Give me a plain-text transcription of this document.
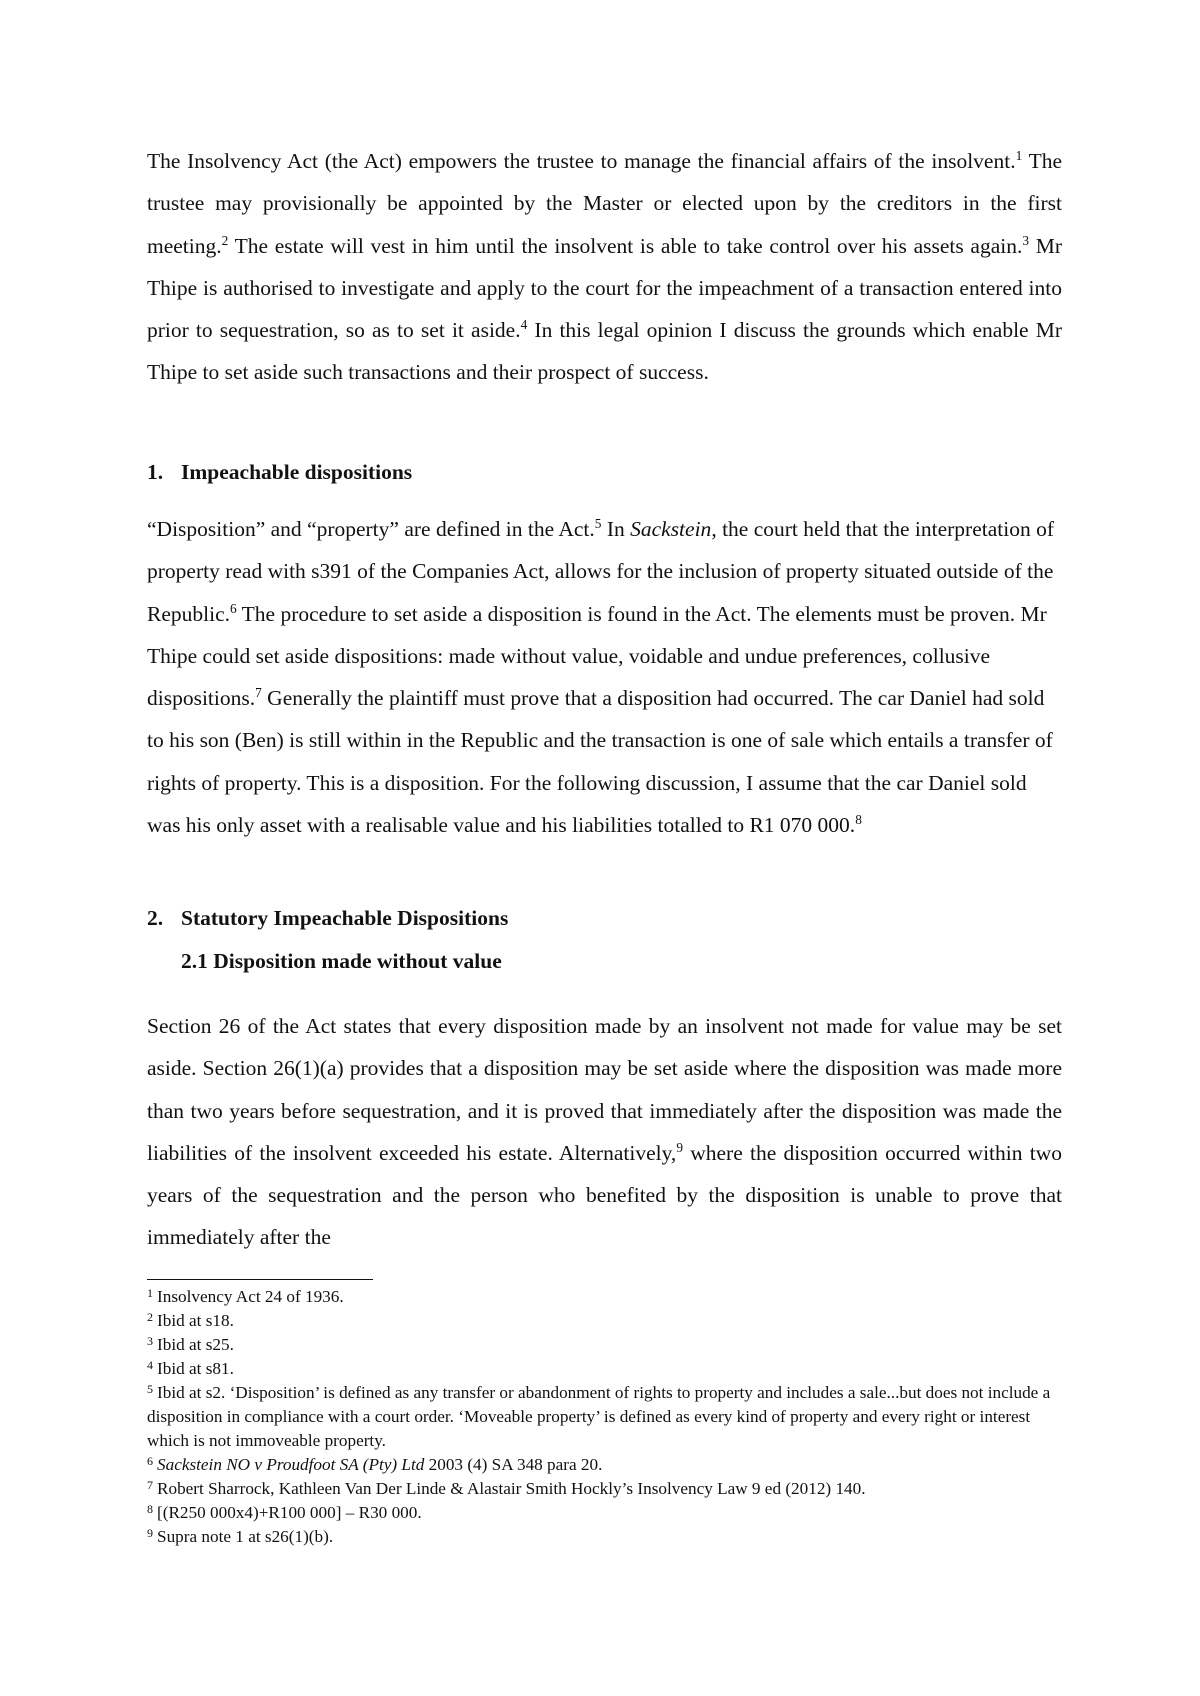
The Insolvency Act (the Act) empowers the trustee to manage the financial affairs of the insolvent.$^1$ The trustee may provisionally be appointed by the Master or elected upon by the creditors in the first meeting.$^2$ The estate will vest in him until the insolvent is able to take control over his assets again.$^3$ Mr Thipe is authorised to investigate and apply to the court for the impeachment of a transaction entered into prior to sequestration, so as to set it aside.$^4$ In this legal opinion I discuss the grounds which enable Mr Thipe to set aside such transactions and their prospect of success.

1. Impeachable dispositions

“Disposition” and “property” are defined in the Act.$^5$ In Sackstein, the court held that the interpretation of property read with s391 of the Companies Act, allows for the inclusion of property situated outside of the Republic.$^6$ The procedure to set aside a disposition is found in the Act. The elements must be proven. Mr Thipe could set aside dispositions: made without value, voidable and undue preferences, collusive dispositions.$^7$ Generally the plaintiff must prove that a disposition had occurred. The car Daniel had sold to his son (Ben) is still within in the Republic and the transaction is one of sale which entails a transfer of rights of property. This is a disposition. For the following discussion, I assume that the car Daniel sold was his only asset with a realisable value and his liabilities totalled to R1 070 000.$^8$

2. Statutory Impeachable Dispositions
2.1 Disposition made without value

Section 26 of the Act states that every disposition made by an insolvent not made for value may be set aside. Section 26(1)(a) provides that a disposition may be set aside where the disposition was made more than two years before sequestration, and it is proved that immediately after the disposition was made the liabilities of the insolvent exceeded his estate. Alternatively,$^9$ where the disposition occurred within two years of the sequestration and the person who benefited by the disposition is unable to prove that immediately after the

$^1$ Insolvency Act 24 of 1936.
$^2$ Ibid at s18.
$^3$ Ibid at s25.
$^4$ Ibid at s81.
$^5$ Ibid at s2. ‘Disposition’ is defined as any transfer or abandonment of rights to property and includes a sale...but does not include a disposition in compliance with a court order. ‘Moveable property’ is defined as every kind of property and every right or interest which is not immoveable property.
$^6$ Sackstein NO v Proudfoot SA (Pty) Ltd 2003 (4) SA 348 para 20.
$^7$ Robert Sharrock, Kathleen Van Der Linde & Alastair Smith Hockly’s Insolvency Law 9 ed (2012) 140.
$^8$ [(R250 000x4)+R100 000] – R30 000.
$^9$ Supra note 1 at s26(1)(b).
